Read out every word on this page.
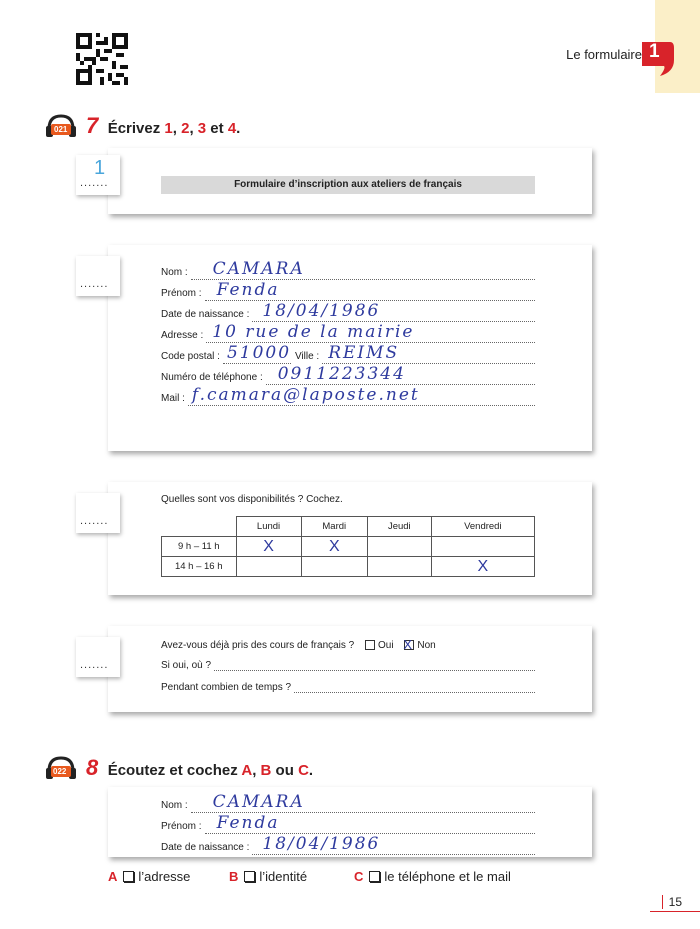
Le formulaire 1
021 7 Écrivez 1, 2, 3 et 4.
1
.......	Formulaire d’inscription aux ateliers de français
.......
Nom : CAMARA
Prénom : Fenda
Date de naissance : 18/04/1986
Adresse : 10 rue de la mairie
Code postal : 51000 Ville : REIMS
Numéro de téléphone : 0911223344
Mail : f.camara@laposte.net
.......
Quelles sont vos disponibilités ? Cochez.
	Lundi	Mardi	Jeudi	Vendredi
9 h – 11 h	X	X		
14 h – 16 h				X
.......
Avez-vous déjà pris des cours de français ? Oui X Non
Si oui, où ?
Pendant combien de temps ?
022 8 Écoutez et cochez A, B ou C.
Nom : CAMARA
Prénom : Fenda
Date de naissance : 18/04/1986
A l’adresse	B l’identité	C le téléphone et le mail
15
